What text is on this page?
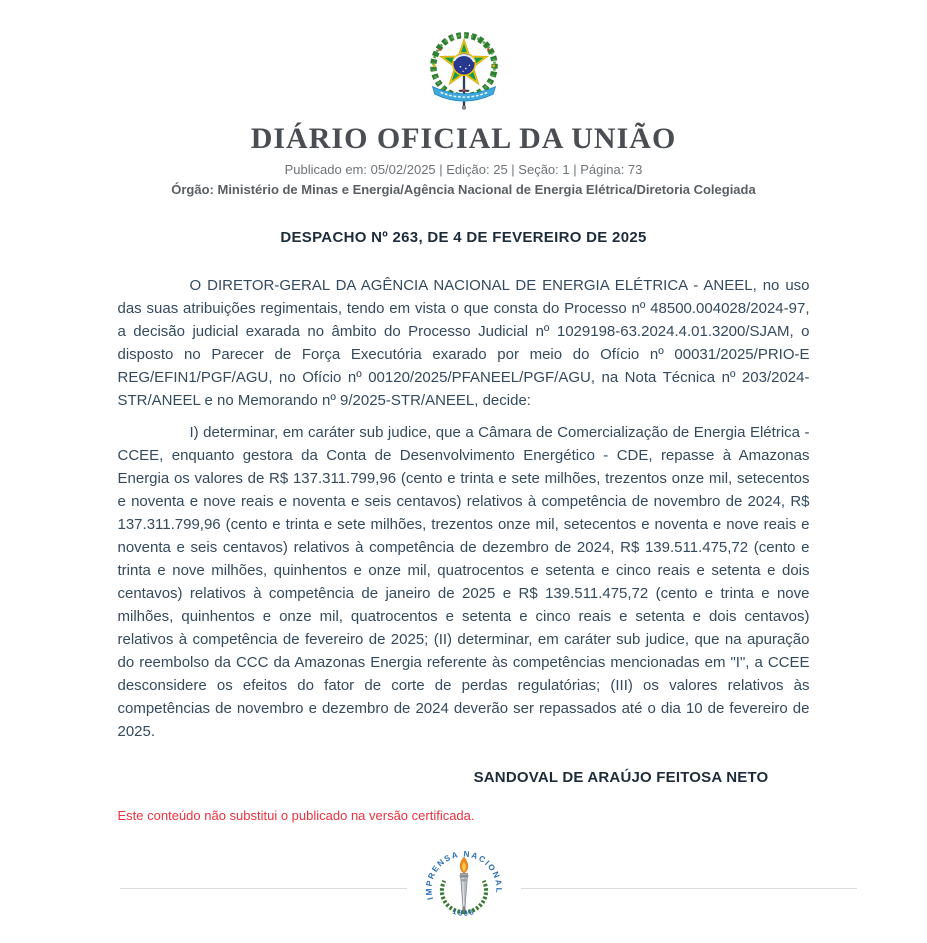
DIÁRIO OFICIAL DA UNIÃO
Publicado em: 05/02/2025 | Edição: 25 | Seção: 1 | Página: 73
Órgão: Ministério de Minas e Energia/Agência Nacional de Energia Elétrica/Diretoria Colegiada
DESPACHO Nº 263, DE 4 DE FEVEREIRO DE 2025

O DIRETOR-GERAL DA AGÊNCIA NACIONAL DE ENERGIA ELÉTRICA - ANEEL, no uso das suas atribuições regimentais, tendo em vista o que consta do Processo nº 48500.004028/2024-97, a decisão judicial exarada no âmbito do Processo Judicial nº 1029198-63.2024.4.01.3200/SJAM, o disposto no Parecer de Força Executória exarado por meio do Ofício nº 00031/2025/PRIO-E REG/EFIN1/PGF/AGU, no Ofício nº 00120/2025/PFANEEL/PGF/AGU, na Nota Técnica nº 203/2024-STR/ANEEL e no Memorando nº 9/2025-STR/ANEEL, decide:

I) determinar, em caráter sub judice, que a Câmara de Comercialização de Energia Elétrica - CCEE, enquanto gestora da Conta de Desenvolvimento Energético - CDE, repasse à Amazonas Energia os valores de R$ 137.311.799,96 (cento e trinta e sete milhões, trezentos onze mil, setecentos e noventa e nove reais e noventa e seis centavos) relativos à competência de novembro de 2024, R$ 137.311.799,96 (cento e trinta e sete milhões, trezentos onze mil, setecentos e noventa e nove reais e noventa e seis centavos) relativos à competência de dezembro de 2024, R$ 139.511.475,72 (cento e trinta e nove milhões, quinhentos e onze mil, quatrocentos e setenta e cinco reais e setenta e dois centavos) relativos à competência de janeiro de 2025 e R$ 139.511.475,72 (cento e trinta e nove milhões, quinhentos e onze mil, quatrocentos e setenta e cinco reais e setenta e dois centavos) relativos à competência de fevereiro de 2025; (II) determinar, em caráter sub judice, que na apuração do reembolso da CCC da Amazonas Energia referente às competências mencionadas em "I", a CCEE desconsidere os efeitos do fator de corte de perdas regulatórias; (III) os valores relativos às competências de novembro e dezembro de 2024 deverão ser repassados até o dia 10 de fevereiro de 2025.

SANDOVAL DE ARAÚJO FEITOSA NETO
Este conteúdo não substitui o publicado na versão certificada.
IMPRENSA NACIONAL
1808
